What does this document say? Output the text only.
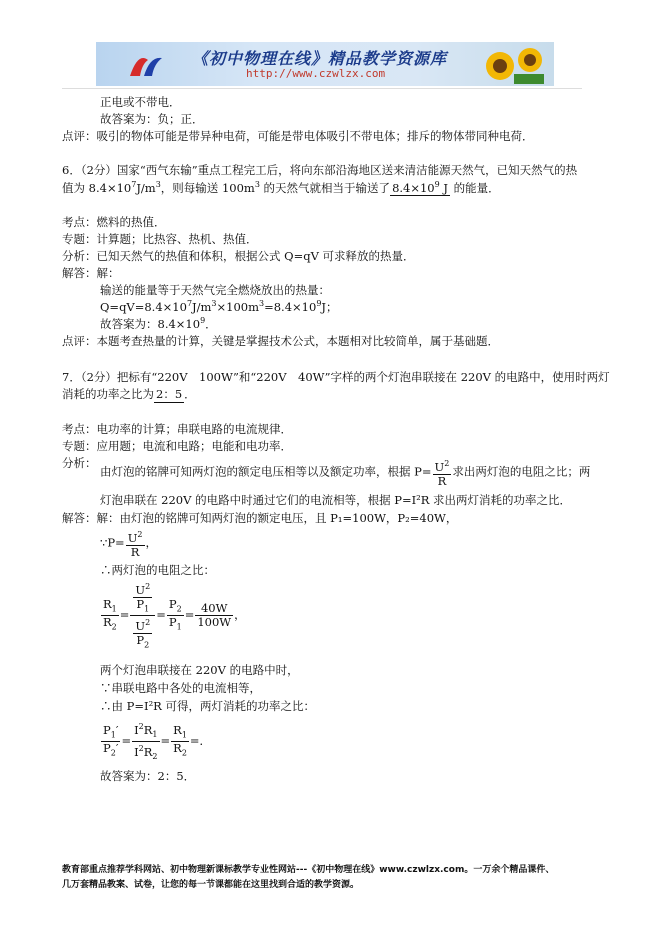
《初中物理在线》精品教学资源库
http://www.czwlzx.com
正电或不带电．
故答案为：负；正．
点评：吸引的物体可能是带异种电荷，可能是带电体吸引不带电体；排斥的物体带同种电荷．
6．（2分）国家“西气东输”重点工程完工后，将向东部沿海地区送来清洁能源天然气，已知天然气的热
值为 $8.4\times 10^7J/m^3$，则每输送 $100m^3$ 的天然气就相当于输送了 $8.4\times 10^9$ J 的能量．
考点：燃料的热值．
专题：计算题；比热容、热机、热值．
分析：已知天然气的热值和体积，根据公式 Q=qV 可求释放的热量．
解答：解：
输送的能量等于天然气完全燃烧放出的热量：
$Q=qV=8.4\times 10^7J/m^3\times 100m^3=8.4\times 10^9J$；
故答案为：$8.4\times 10^9$．
点评：本题考查热量的计算，关键是掌握技术公式，本题相对比较简单，属于基础题．
7．（2分）把标有“220V　100W”和“220V　40W”字样的两个灯泡串联接在 220V 的电路中，使用时两灯
消耗的功率之比为2：5．
考点：电功率的计算；串联电路的电流规律．
专题：应用题；电流和电路；电能和电功率．
分析：
由灯泡的铭牌可知两灯泡的额定电压相等以及额定功率，根据 $P= \frac{U^2}{R}$ 求出两灯泡的电阻之比；两
灯泡串联在 220V 的电路中时通过它们的电流相等，根据 P=I²R 求出两灯消耗的功率之比．
解答：解：由灯泡的铭牌可知两灯泡的额定电压，且 P₁=100W，P₂=40W，
∵P= $\frac{U^2}{R}$ ，
∴两灯泡的电阻之比：
$\frac{R_1}{R_2} = \frac{\frac{U^2}{P_1}}{\frac{U^2}{P_2}} = \frac{P_2}{P_1} = \frac{40W}{100W}$ ，
两个灯泡串联接在 220V 的电路中时，
∵串联电路中各处的电流相等，
∴由 P=I²R 可得，两灯消耗的功率之比：
$\frac{P_1'}{P_2'} = \frac{I^2R_1}{I^2R_2} = \frac{R_1}{R_2}$ =．
故答案为：2：5．
教育部重点推荐学科网站、初中物理新课标教学专业性网站---《初中物理在线》www.czwlzx.com。一万余个精品课件、
几万套精品教案、试卷，让您的每一节课都能在这里找到合适的教学资源。
